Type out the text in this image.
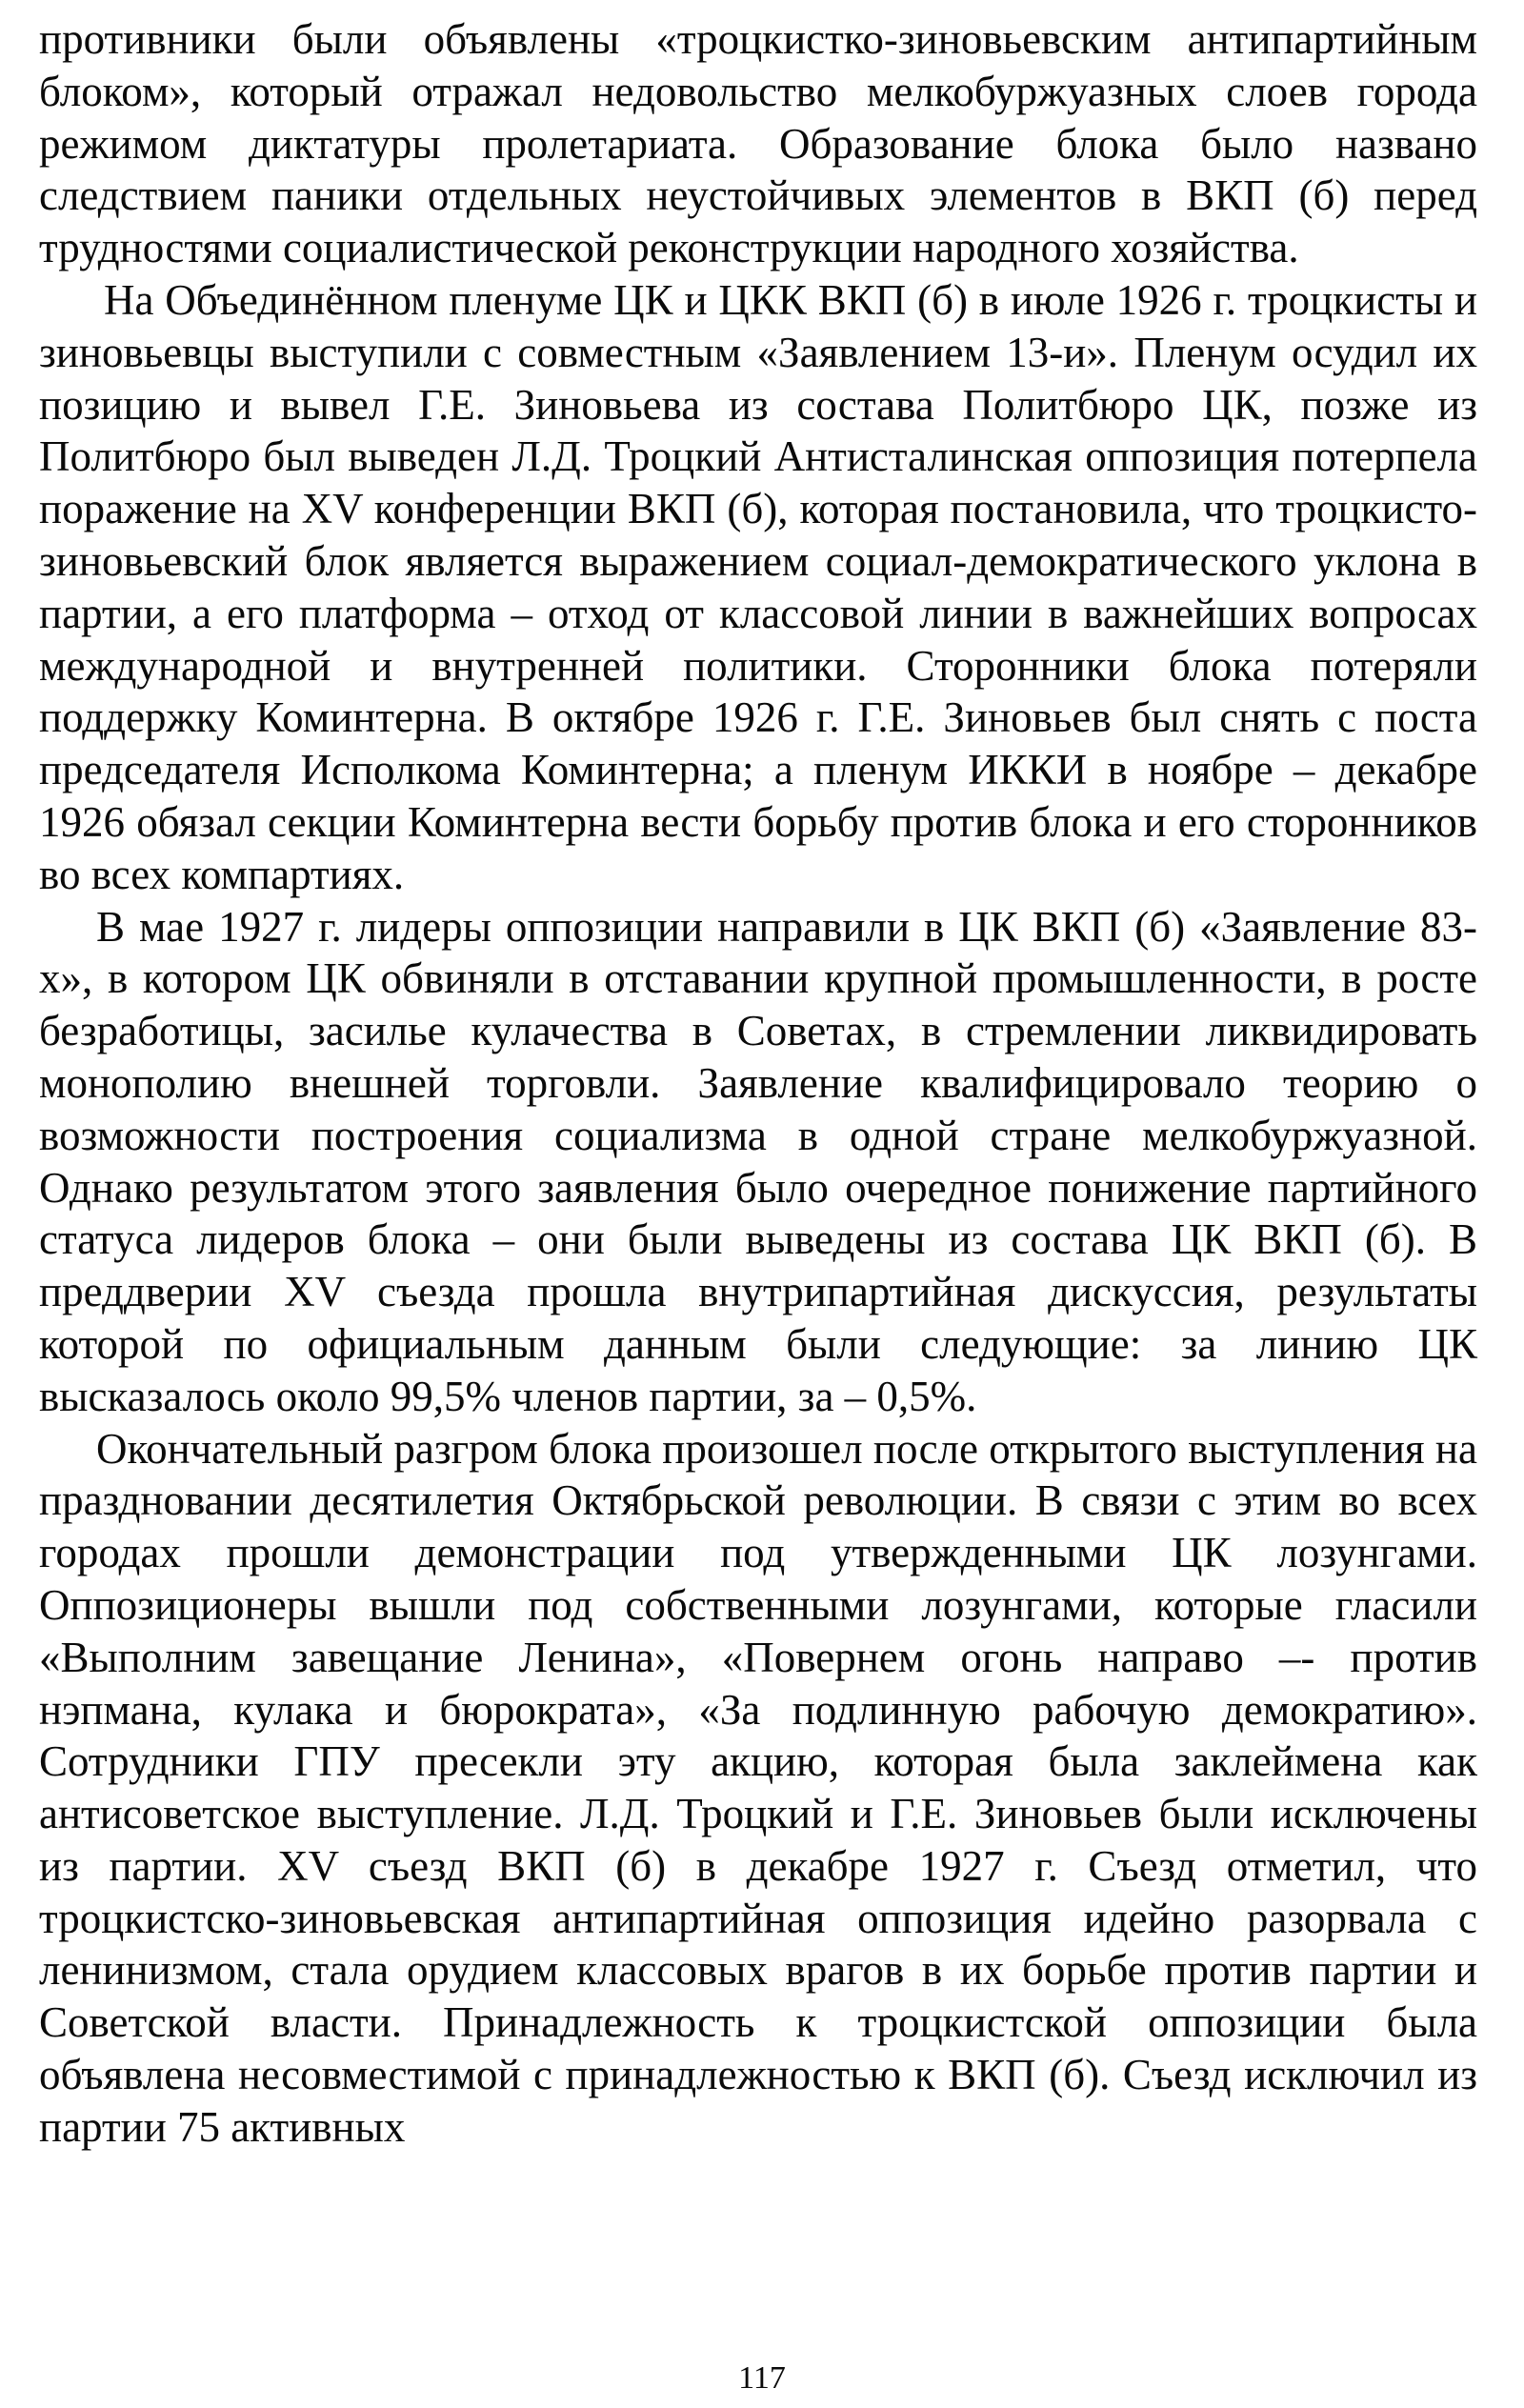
противники были объявлены «троцкистко-зиновьевским антипартийным блоком», который отражал недовольство мелкобуржуазных слоев города режимом диктатуры пролетариата. Образование блока было названо следствием паники отдельных неустойчивых элементов в ВКП (б) перед трудностями социалистической реконструкции народного хозяйства.

На Объединённом пленуме ЦК и ЦКК ВКП (б) в июле 1926 г. троцкисты и зиновьевцы выступили с совместным «Заявлением 13-и». Пленум осудил их позицию и вывел Г.Е. Зиновьева из состава Политбюро ЦК, позже из Политбюро был выведен Л.Д. Троцкий Антисталинская оппозиция потерпела поражение на XV конференции ВКП (б), которая постановила, что троцкисто-зиновьевский блок является выражением социал-демократического уклона в партии, а его платформа – отход от классовой линии в важнейших вопросах международной и внутренней политики. Сторонники блока потеряли поддержку Коминтерна. В октябре 1926 г. Г.Е. Зиновьев был снять с поста председателя Исполкома Коминтерна; а пленум ИККИ в ноябре – декабре 1926 обязал секции Коминтерна вести борьбу против блока и его сторонников во всех компартиях.

В мае 1927 г. лидеры оппозиции направили в ЦК ВКП (б) «Заявление 83-х», в котором ЦК обвиняли в отставании крупной промышленности, в росте безработицы, засилье кулачества в Советах, в стремлении ликвидировать монополию внешней торговли. Заявление квалифицировало теорию о возможности построения социализма в одной стране мелкобуржуазной. Однако результатом этого заявления было очередное понижение партийного статуса лидеров блока – они были выведены из состава ЦК ВКП (б). В преддверии XV съезда прошла внутрипартийная дискуссия, результаты которой по официальным данным были следующие: за линию ЦК высказалось около 99,5% членов партии, за – 0,5%.

Окончательный разгром блока произошел после открытого выступления на праздновании десятилетия Октябрьской революции. В связи с этим во всех городах прошли демонстрации под утвержденными ЦК лозунгами. Оппозиционеры вышли под собственными лозунгами, которые гласили «Выполним завещание Ленина», «Повернем огонь направо –- против нэпмана, кулака и бюрократа», «За подлинную рабочую демократию». Сотрудники ГПУ пресекли эту акцию, которая была заклеймена как антисоветское выступление. Л.Д. Троцкий и Г.Е. Зиновьев были исключены из партии. XV съезд ВКП (б) в декабре 1927 г. Съезд отметил, что троцкистско-зиновьевская антипартийная оппозиция идейно разорвала с ленинизмом, стала орудием классовых врагов в их борьбе против партии и Советской власти. Принадлежность к троцкистской оппозиции была объявлена несовместимой с принадлежностью к ВКП (б). Съезд исключил из партии 75 активных

117
